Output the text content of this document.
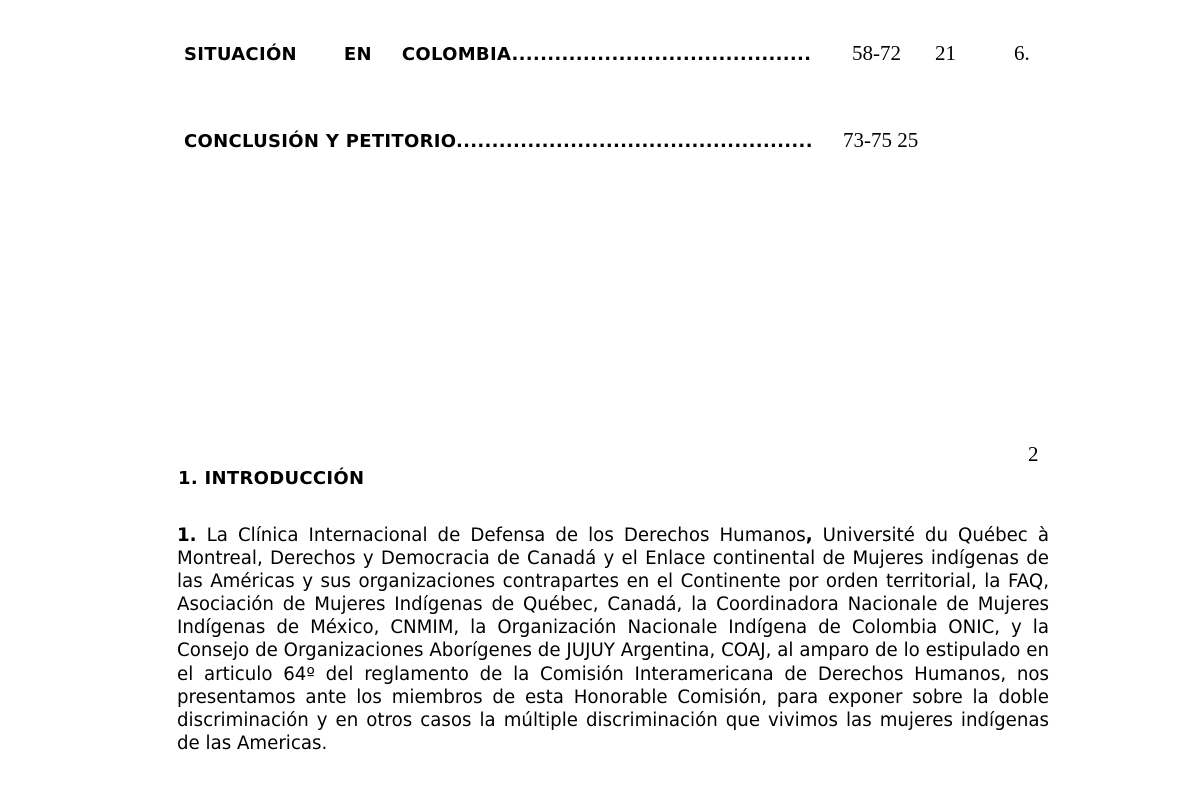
SITUACIÓN	EN COLOMBIA.......................................... 58-72 21	6.
CONCLUSIÓN Y PETITORIO.................................................. 73-75 25
2
1. INTRODUCCIÓN
1. La Clínica Internacional de Defensa de los Derechos Humanos, Université du Québec à Montreal, Derechos y Democracia de Canadá y el Enlace continental de Mujeres indígenas de las Américas y sus organizaciones contrapartes en el Continente por orden territorial, la FAQ, Asociación de Mujeres Indígenas de Québec, Canadá, la Coordinadora Nacionale de Mujeres Indígenas de México, CNMIM, la Organización Nacionale Indígena de Colombia ONIC, y la Consejo de Organizaciones Aborígenes de JUJUY Argentina, COAJ, al amparo de lo estipulado en el articulo 64º del reglamento de la Comisión Interamericana de Derechos Humanos, nos presentamos ante los miembros de esta Honorable Comisión, para exponer sobre la doble discriminación y en otros casos la múltiple discriminación que vivimos las mujeres indígenas de las Americas.
